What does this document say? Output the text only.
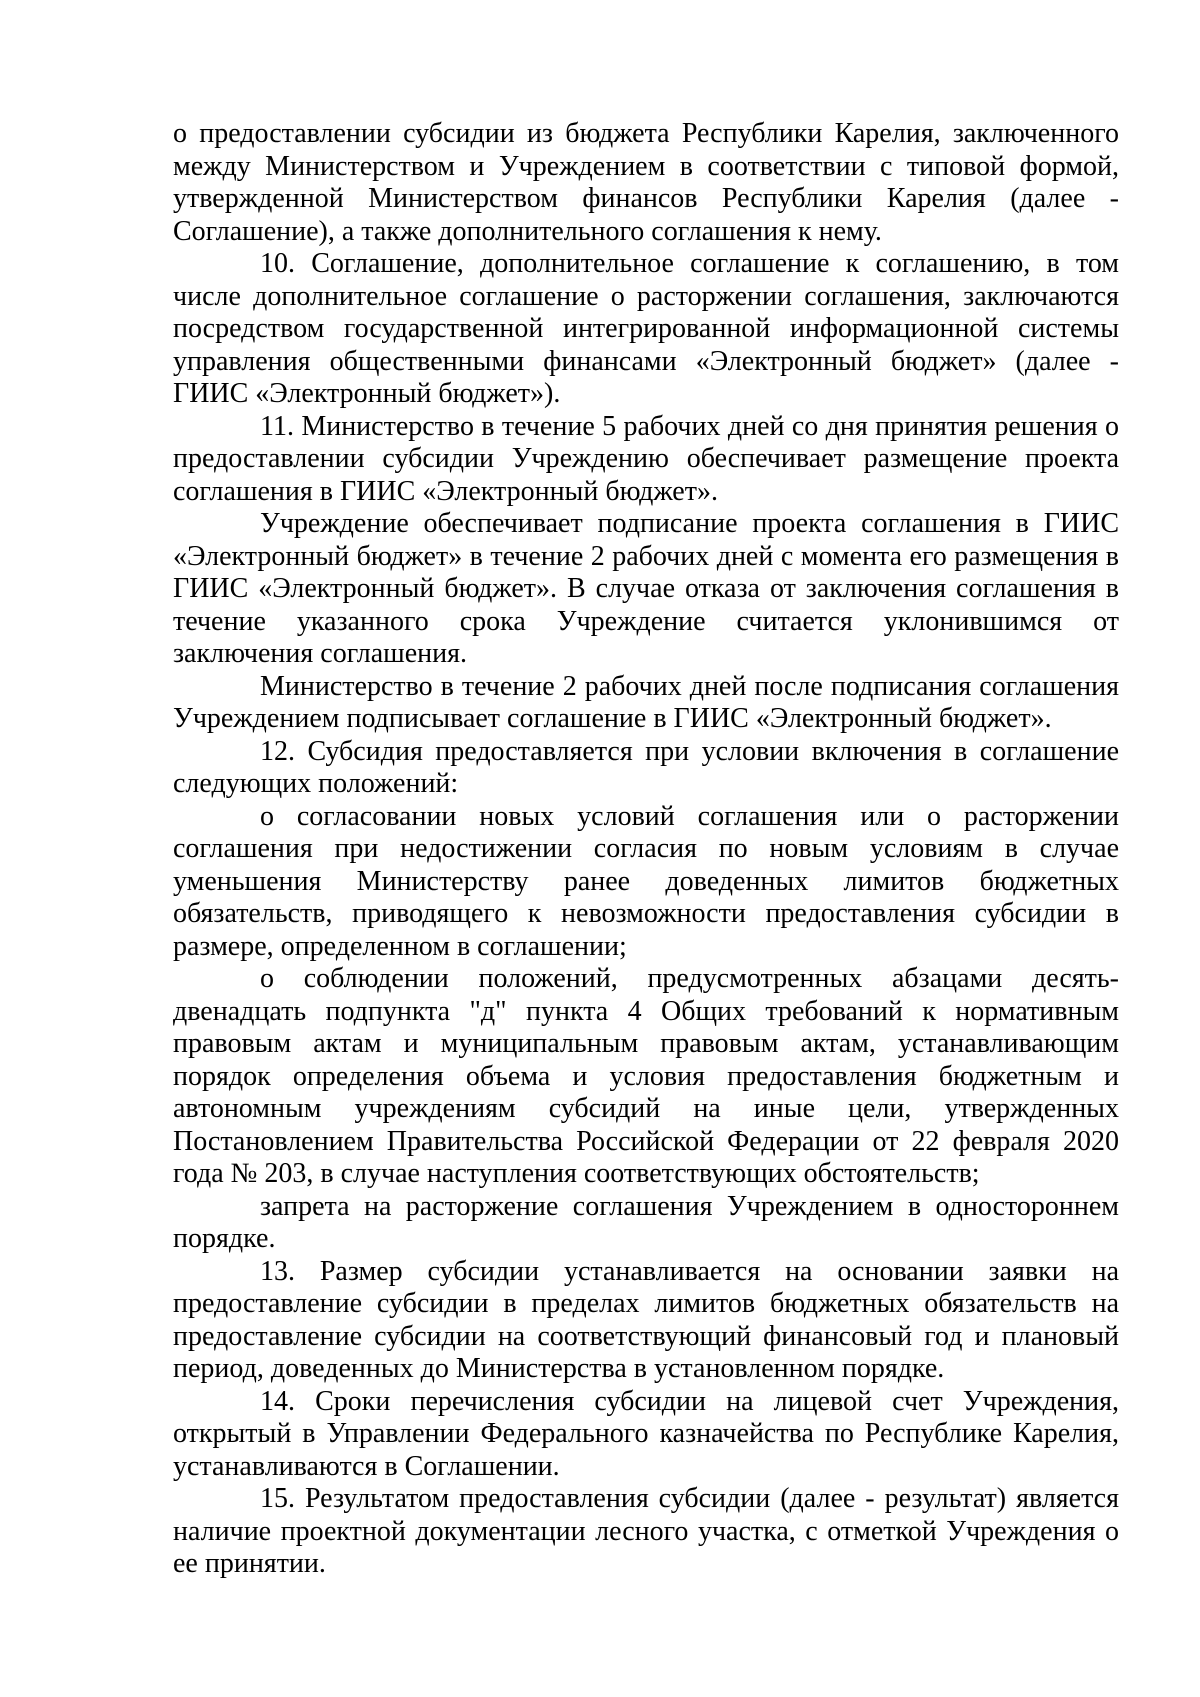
о предоставлении субсидии из бюджета Республики Карелия, заключенного между Министерством и Учреждением в соответствии с типовой формой, утвержденной Министерством финансов Республики Карелия (далее - Соглашение), а также дополнительного соглашения к нему.

10. Соглашение, дополнительное соглашение к соглашению, в том числе дополнительное соглашение о расторжении соглашения, заключаются посредством государственной интегрированной информационной системы управления общественными финансами «Электронный бюджет» (далее - ГИИС «Электронный бюджет»).

11. Министерство в течение 5 рабочих дней со дня принятия решения о предоставлении субсидии Учреждению обеспечивает размещение проекта соглашения в ГИИС «Электронный бюджет».

Учреждение обеспечивает подписание проекта соглашения в ГИИС «Электронный бюджет» в течение 2 рабочих дней с момента его размещения в ГИИС «Электронный бюджет». В случае отказа от заключения соглашения в течение указанного срока Учреждение считается уклонившимся от заключения соглашения.

Министерство в течение 2 рабочих дней после подписания соглашения Учреждением подписывает соглашение в ГИИС «Электронный бюджет».

12. Субсидия предоставляется при условии включения в соглашение следующих положений:

о согласовании новых условий соглашения или о расторжении соглашения при недостижении согласия по новым условиям в случае уменьшения Министерству ранее доведенных лимитов бюджетных обязательств, приводящего к невозможности предоставления субсидии в размере, определенном в соглашении;

о соблюдении положений, предусмотренных абзацами десять-двенадцать подпункта "д" пункта 4 Общих требований к нормативным правовым актам и муниципальным правовым актам, устанавливающим порядок определения объема и условия предоставления бюджетным и автономным учреждениям субсидий на иные цели, утвержденных Постановлением Правительства Российской Федерации от 22 февраля 2020 года № 203, в случае наступления соответствующих обстоятельств;

запрета на расторжение соглашения Учреждением в одностороннем порядке.

13. Размер субсидии устанавливается на основании заявки на предоставление субсидии в пределах лимитов бюджетных обязательств на предоставление субсидии на соответствующий финансовый год и плановый период, доведенных до Министерства в установленном порядке.

14. Сроки перечисления субсидии на лицевой счет Учреждения, открытый в Управлении Федерального казначейства по Республике Карелия, устанавливаются в Соглашении.

15. Результатом предоставления субсидии (далее - результат) является наличие проектной документации лесного участка, с отметкой Учреждения о ее принятии.
